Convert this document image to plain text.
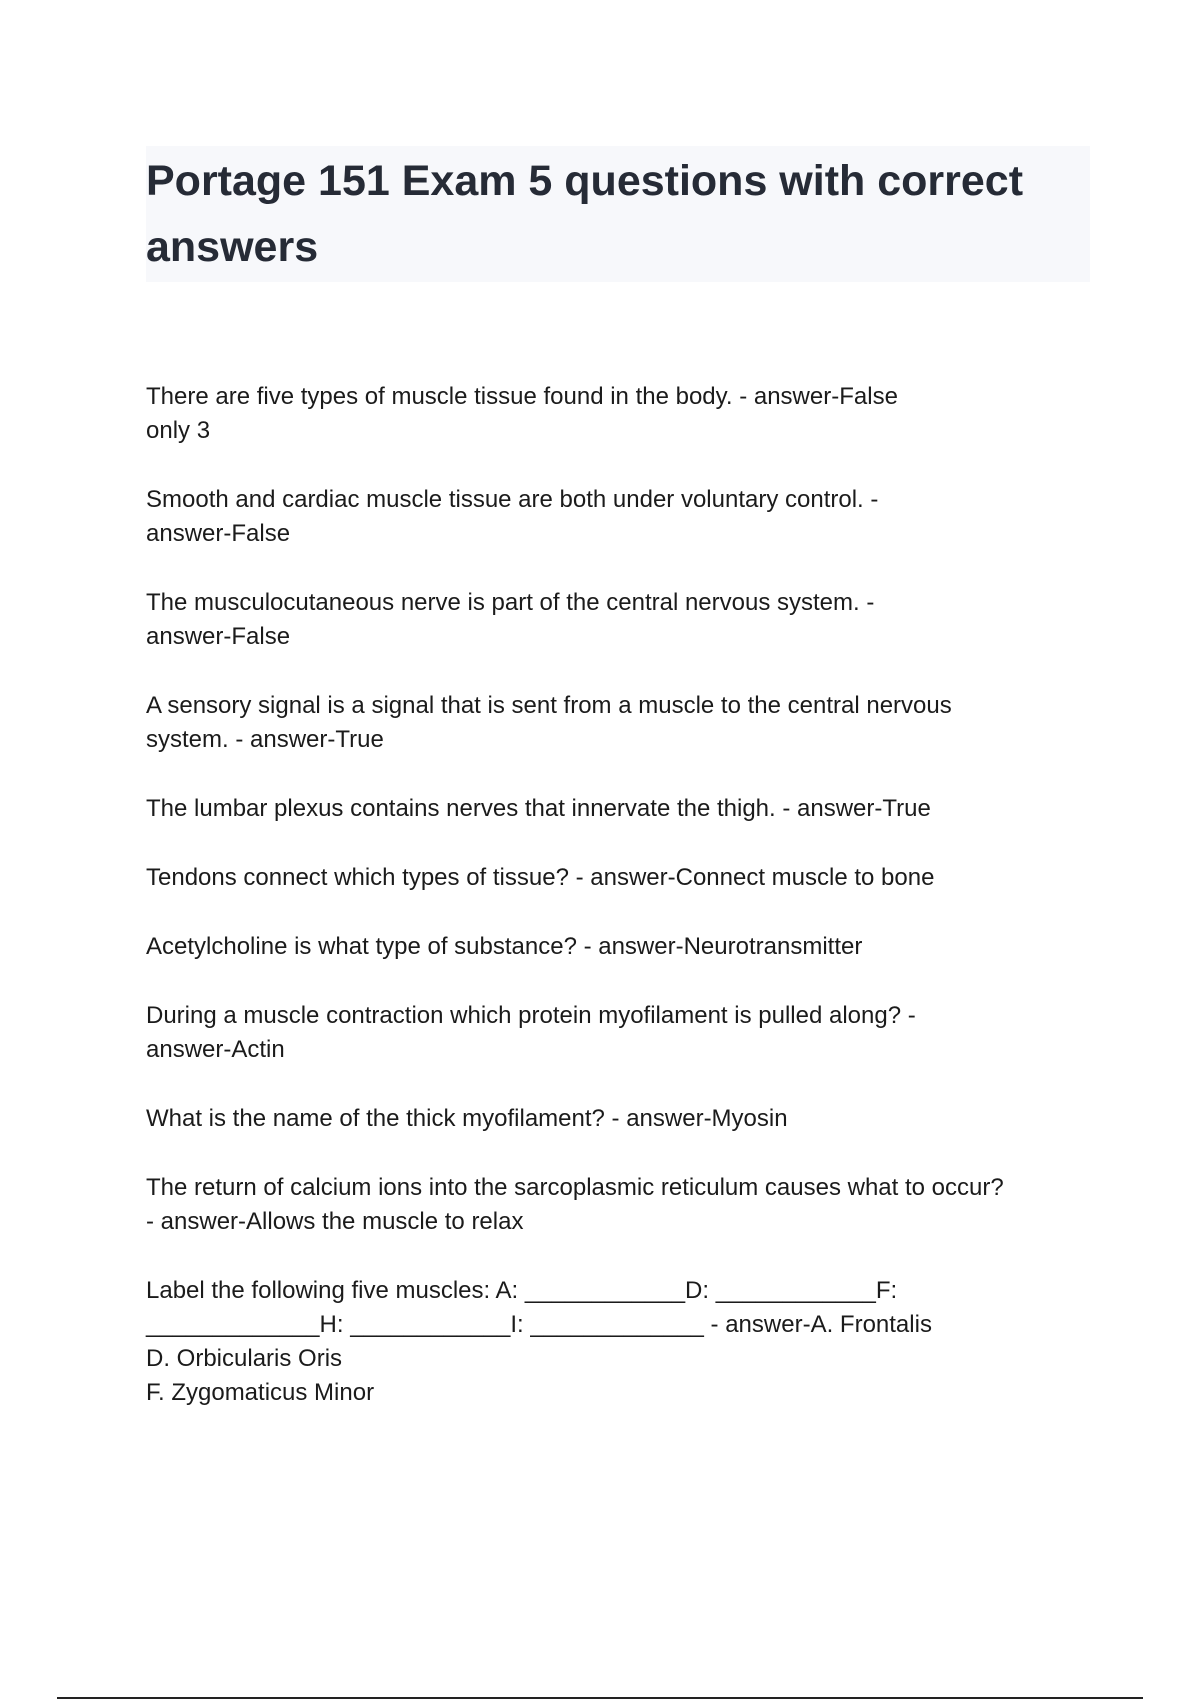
Portage 151 Exam 5 questions with correct answers

There are five types of muscle tissue found in the body. - answer-False
only 3

Smooth and cardiac muscle tissue are both under voluntary control. -
answer-False

The musculocutaneous nerve is part of the central nervous system. -
answer-False

A sensory signal is a signal that is sent from a muscle to the central nervous
system. - answer-True

The lumbar plexus contains nerves that innervate the thigh. - answer-True

Tendons connect which types of tissue? - answer-Connect muscle to bone

Acetylcholine is what type of substance? - answer-Neurotransmitter

During a muscle contraction which protein myofilament is pulled along? -
answer-Actin

What is the name of the thick myofilament? - answer-Myosin

The return of calcium ions into the sarcoplasmic reticulum causes what to occur?
- answer-Allows the muscle to relax

Label the following five muscles: A: ____________D: ____________F:
_____________H: ____________I: _____________ - answer-A. Frontalis
D. Orbicularis Oris
F. Zygomaticus Minor
